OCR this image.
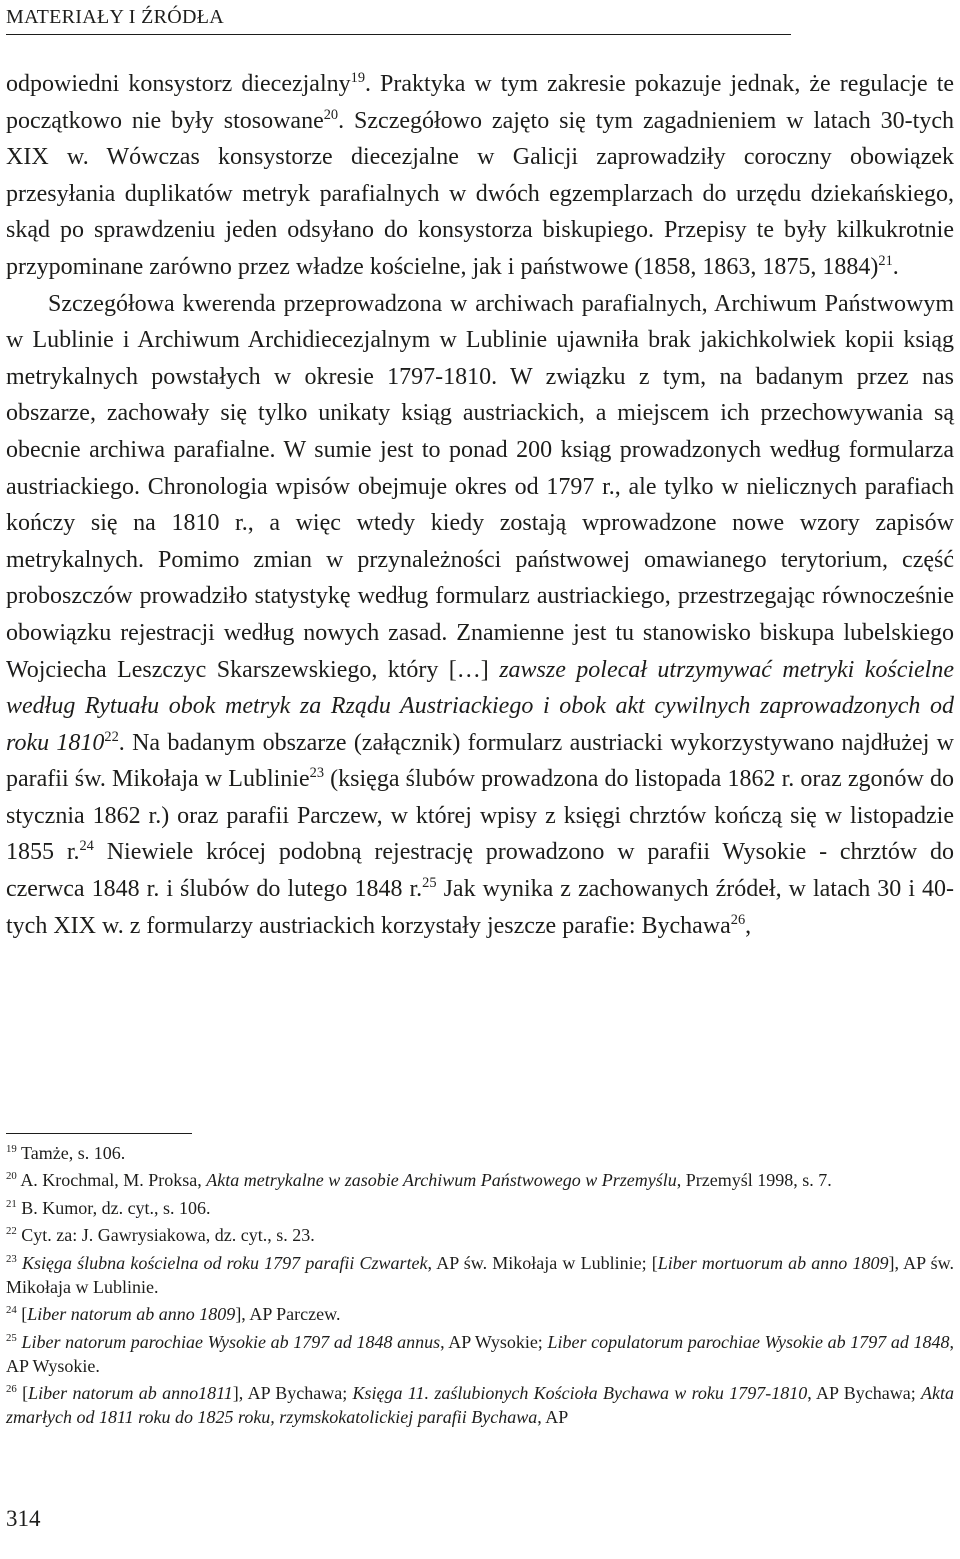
MATERIAŁY I ŹRÓDŁA

odpowiedni konsystorz diecezjalny$^{19}$. Praktyka w tym zakresie pokazuje jednak, że regulacje te początkowo nie były stosowane$^{20}$. Szczegółowo zajęto się tym zagadnieniem w latach 30-tych XIX w. Wówczas konsystorze diecezjalne w Galicji zaprowadziły coroczny obowiązek przesyłania duplikatów metryk parafialnych w dwóch egzemplarzach do urzędu dziekańskiego, skąd po sprawdzeniu jeden odsyłano do konsystorza biskupiego. Przepisy te były kilkukrotnie przypominane zarówno przez władze kościelne, jak i państwowe (1858, 1863, 1875, 1884)$^{21}$.

Szczegółowa kwerenda przeprowadzona w archiwach parafialnych, Archiwum Państwowym w Lublinie i Archiwum Archidiecezjalnym w Lublinie ujawniła brak jakichkolwiek kopii ksiąg metrykalnych powstałych w okresie 1797-1810. W związku z tym, na badanym przez nas obszarze, zachowały się tylko unikaty ksiąg austriackich, a miejscem ich przechowywania są obecnie archiwa parafialne. W sumie jest to ponad 200 ksiąg prowadzonych według formularza austriackiego. Chronologia wpisów obejmuje okres od 1797 r., ale tylko w nielicznych parafiach kończy się na 1810 r., a więc wtedy kiedy zostają wprowadzone nowe wzory zapisów metrykalnych. Pomimo zmian w przynależności państwowej omawianego terytorium, część proboszczów prowadziło statystykę według formularz austriackiego, przestrzegając równocześnie obowiązku rejestracji według nowych zasad. Znamienne jest tu stanowisko biskupa lubelskiego Wojciecha Leszczyc Skarszewskiego, który […] zawsze polecał utrzymywać metryki kościelne według Rytuału obok metryk za Rządu Austriackiego i obok akt cywilnych zaprowadzonych od roku 1810$^{22}$. Na badanym obszarze (załącznik) formularz austriacki wykorzystywano najdłużej w parafii św. Mikołaja w Lublinie$^{23}$ (księga ślubów prowadzona do listopada 1862 r. oraz zgonów do stycznia 1862 r.) oraz parafii Parczew, w której wpisy z księgi chrztów kończą się w listopadzie 1855 r.$^{24}$ Niewiele krócej podobną rejestrację prowadzono w parafii Wysokie - chrztów do czerwca 1848 r. i ślubów do lutego 1848 r.$^{25}$ Jak wynika z zachowanych źródeł, w latach 30 i 40-tych XIX w. z formularzy austriackich korzystały jeszcze parafie: Bychawa$^{26}$,

$^{19}$ Tamże, s. 106.

$^{20}$ A. Krochmal, M. Proksa, Akta metrykalne w zasobie Archiwum Państwowego w Przemyślu, Przemyśl 1998, s. 7.

$^{21}$ B. Kumor, dz. cyt., s. 106.

$^{22}$ Cyt. za: J. Gawrysiakowa, dz. cyt., s. 23.

$^{23}$ Księga ślubna kościelna od roku 1797 parafii Czwartek, AP św. Mikołaja w Lublinie; [Liber mortuorum ab anno 1809], AP św. Mikołaja w Lublinie.

$^{24}$ [Liber natorum ab anno 1809], AP Parczew.

$^{25}$ Liber natorum parochiae Wysokie ab 1797 ad 1848 annus, AP Wysokie; Liber copulatorum parochiae Wysokie ab 1797 ad 1848, AP Wysokie.

$^{26}$ [Liber natorum ab anno1811], AP Bychawa; Księga 11. zaślubionych Kościoła Bychawa w roku 1797-1810, AP Bychawa; Akta zmarłych od 1811 roku do 1825 roku, rzymskokatolickiej parafii Bychawa, AP

314
